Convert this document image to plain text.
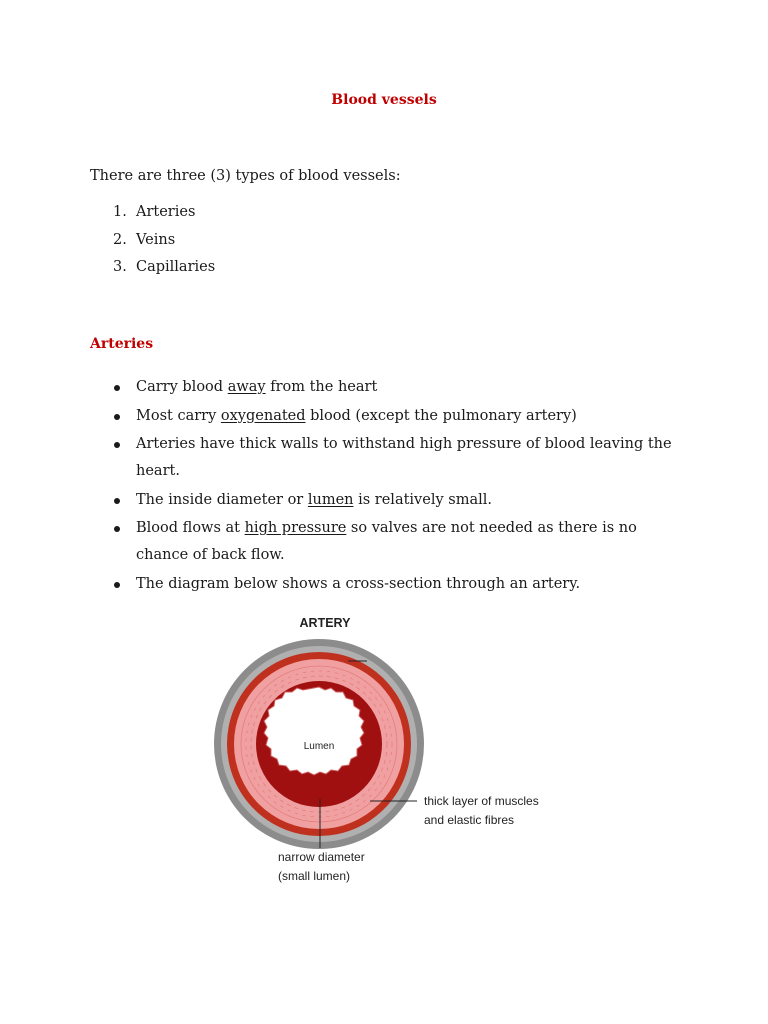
Blood vessels
There are three (3) types of blood vessels:
1. Arteries
2. Veins
3. Capillaries
Arteries
Carry blood away from the heart
Most carry oxygenated blood (except the pulmonary artery)
Arteries have thick walls to withstand high pressure of blood leaving the heart.
The inside diameter or lumen is relatively small.
Blood flows at high pressure so valves are not needed as there is no chance of back flow.
The diagram below shows a cross-section through an artery.
ARTERY
Lumen
thick layer of muscles
and elastic fibres
narrow diameter
(small lumen)
